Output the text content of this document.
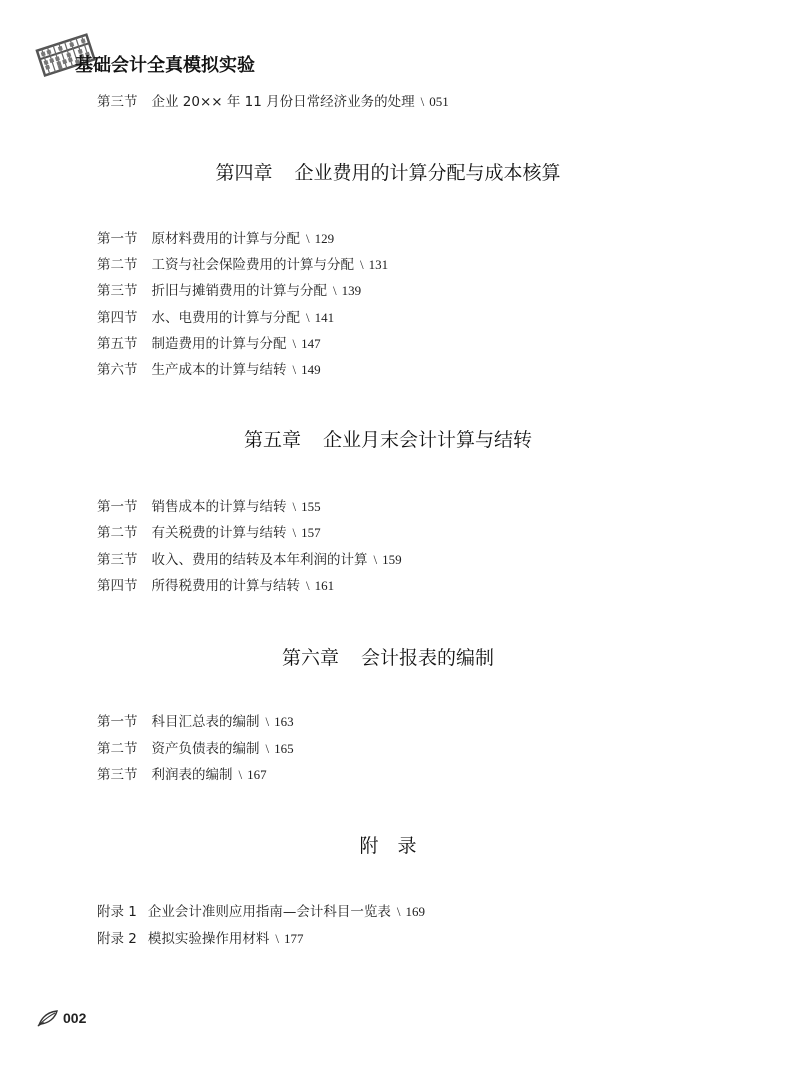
基础会计全真模拟实验
第三节 企业 20×× 年 11 月份日常经济业务的处理 \ 051
第四章 企业费用的计算分配与成本核算
第一节 原材料费用的计算与分配 \ 129
第二节 工资与社会保险费用的计算与分配 \ 131
第三节 折旧与摊销费用的计算与分配 \ 139
第四节 水、电费用的计算与分配 \ 141
第五节 制造费用的计算与分配 \ 147
第六节 生产成本的计算与结转 \ 149
第五章 企业月末会计计算与结转
第一节 销售成本的计算与结转 \ 155
第二节 有关税费的计算与结转 \ 157
第三节 收入、费用的结转及本年利润的计算 \ 159
第四节 所得税费用的计算与结转 \ 161
第六章 会计报表的编制
第一节 科目汇总表的编制 \ 163
第二节 资产负债表的编制 \ 165
第三节 利润表的编制 \ 167
附　录
附录 1 企业会计准则应用指南—会计科目一览表 \ 169
附录 2 模拟实验操作用材料 \ 177
002
